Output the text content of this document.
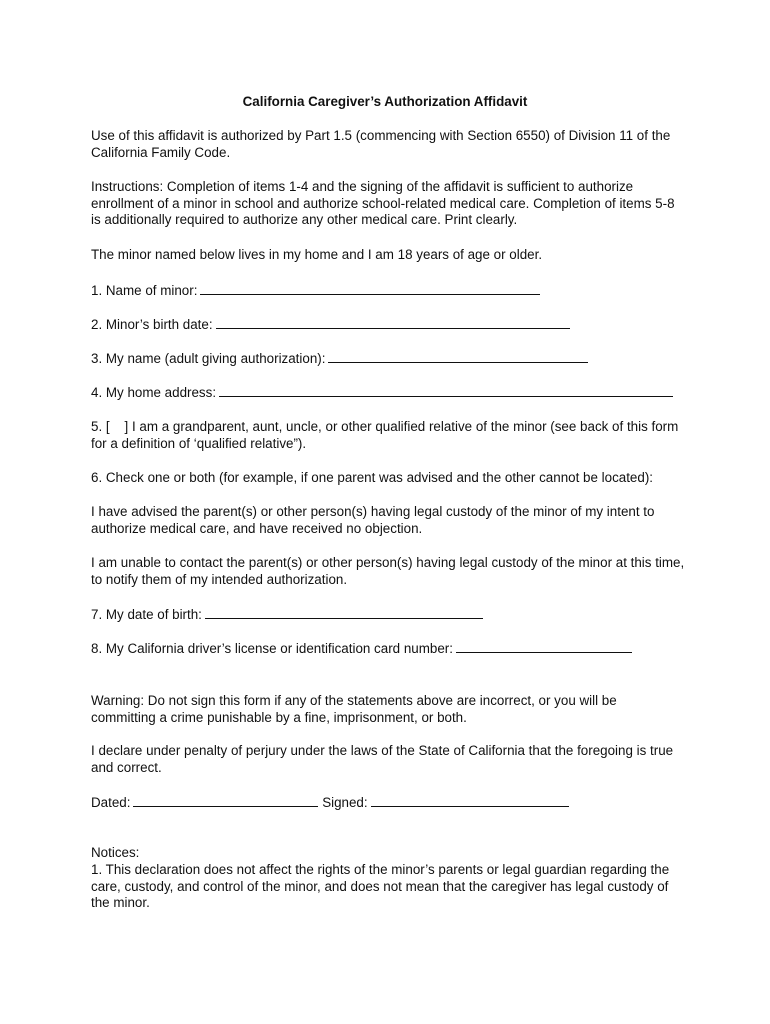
California Caregiver’s Authorization Affidavit
Use of this affidavit is authorized by Part 1.5 (commencing with Section 6550) of Division 11 of the California Family Code.
Instructions: Completion of items 1-4 and the signing of the affidavit is sufficient to authorize enrollment of a minor in school and authorize school-related medical care. Completion of items 5-8 is additionally required to authorize any other medical care. Print clearly.
The minor named below lives in my home and I am 18 years of age or older.
1. Name of minor:
2. Minor’s birth date:
3. My name (adult giving authorization):
4. My home address:
5. [    ] I am a grandparent, aunt, uncle, or other qualified relative of the minor (see back of this form for a definition of ‘qualified relative”).
6. Check one or both (for example, if one parent was advised and the other cannot be located):
I have advised the parent(s) or other person(s) having legal custody of the minor of my intent to authorize medical care, and have received no objection.
I am unable to contact the parent(s) or other person(s) having legal custody of the minor at this time, to notify them of my intended authorization.
7. My date of birth:
8. My California driver’s license or identification card number:
Warning: Do not sign this form if any of the statements above are incorrect, or you will be committing a crime punishable by a fine, imprisonment, or both.
I declare under penalty of perjury under the laws of the State of California that the foregoing is true and correct.
Dated:	Signed:
Notices:
1. This declaration does not affect the rights of the minor’s parents or legal guardian regarding the care, custody, and control of the minor, and does not mean that the caregiver has legal custody of the minor.
